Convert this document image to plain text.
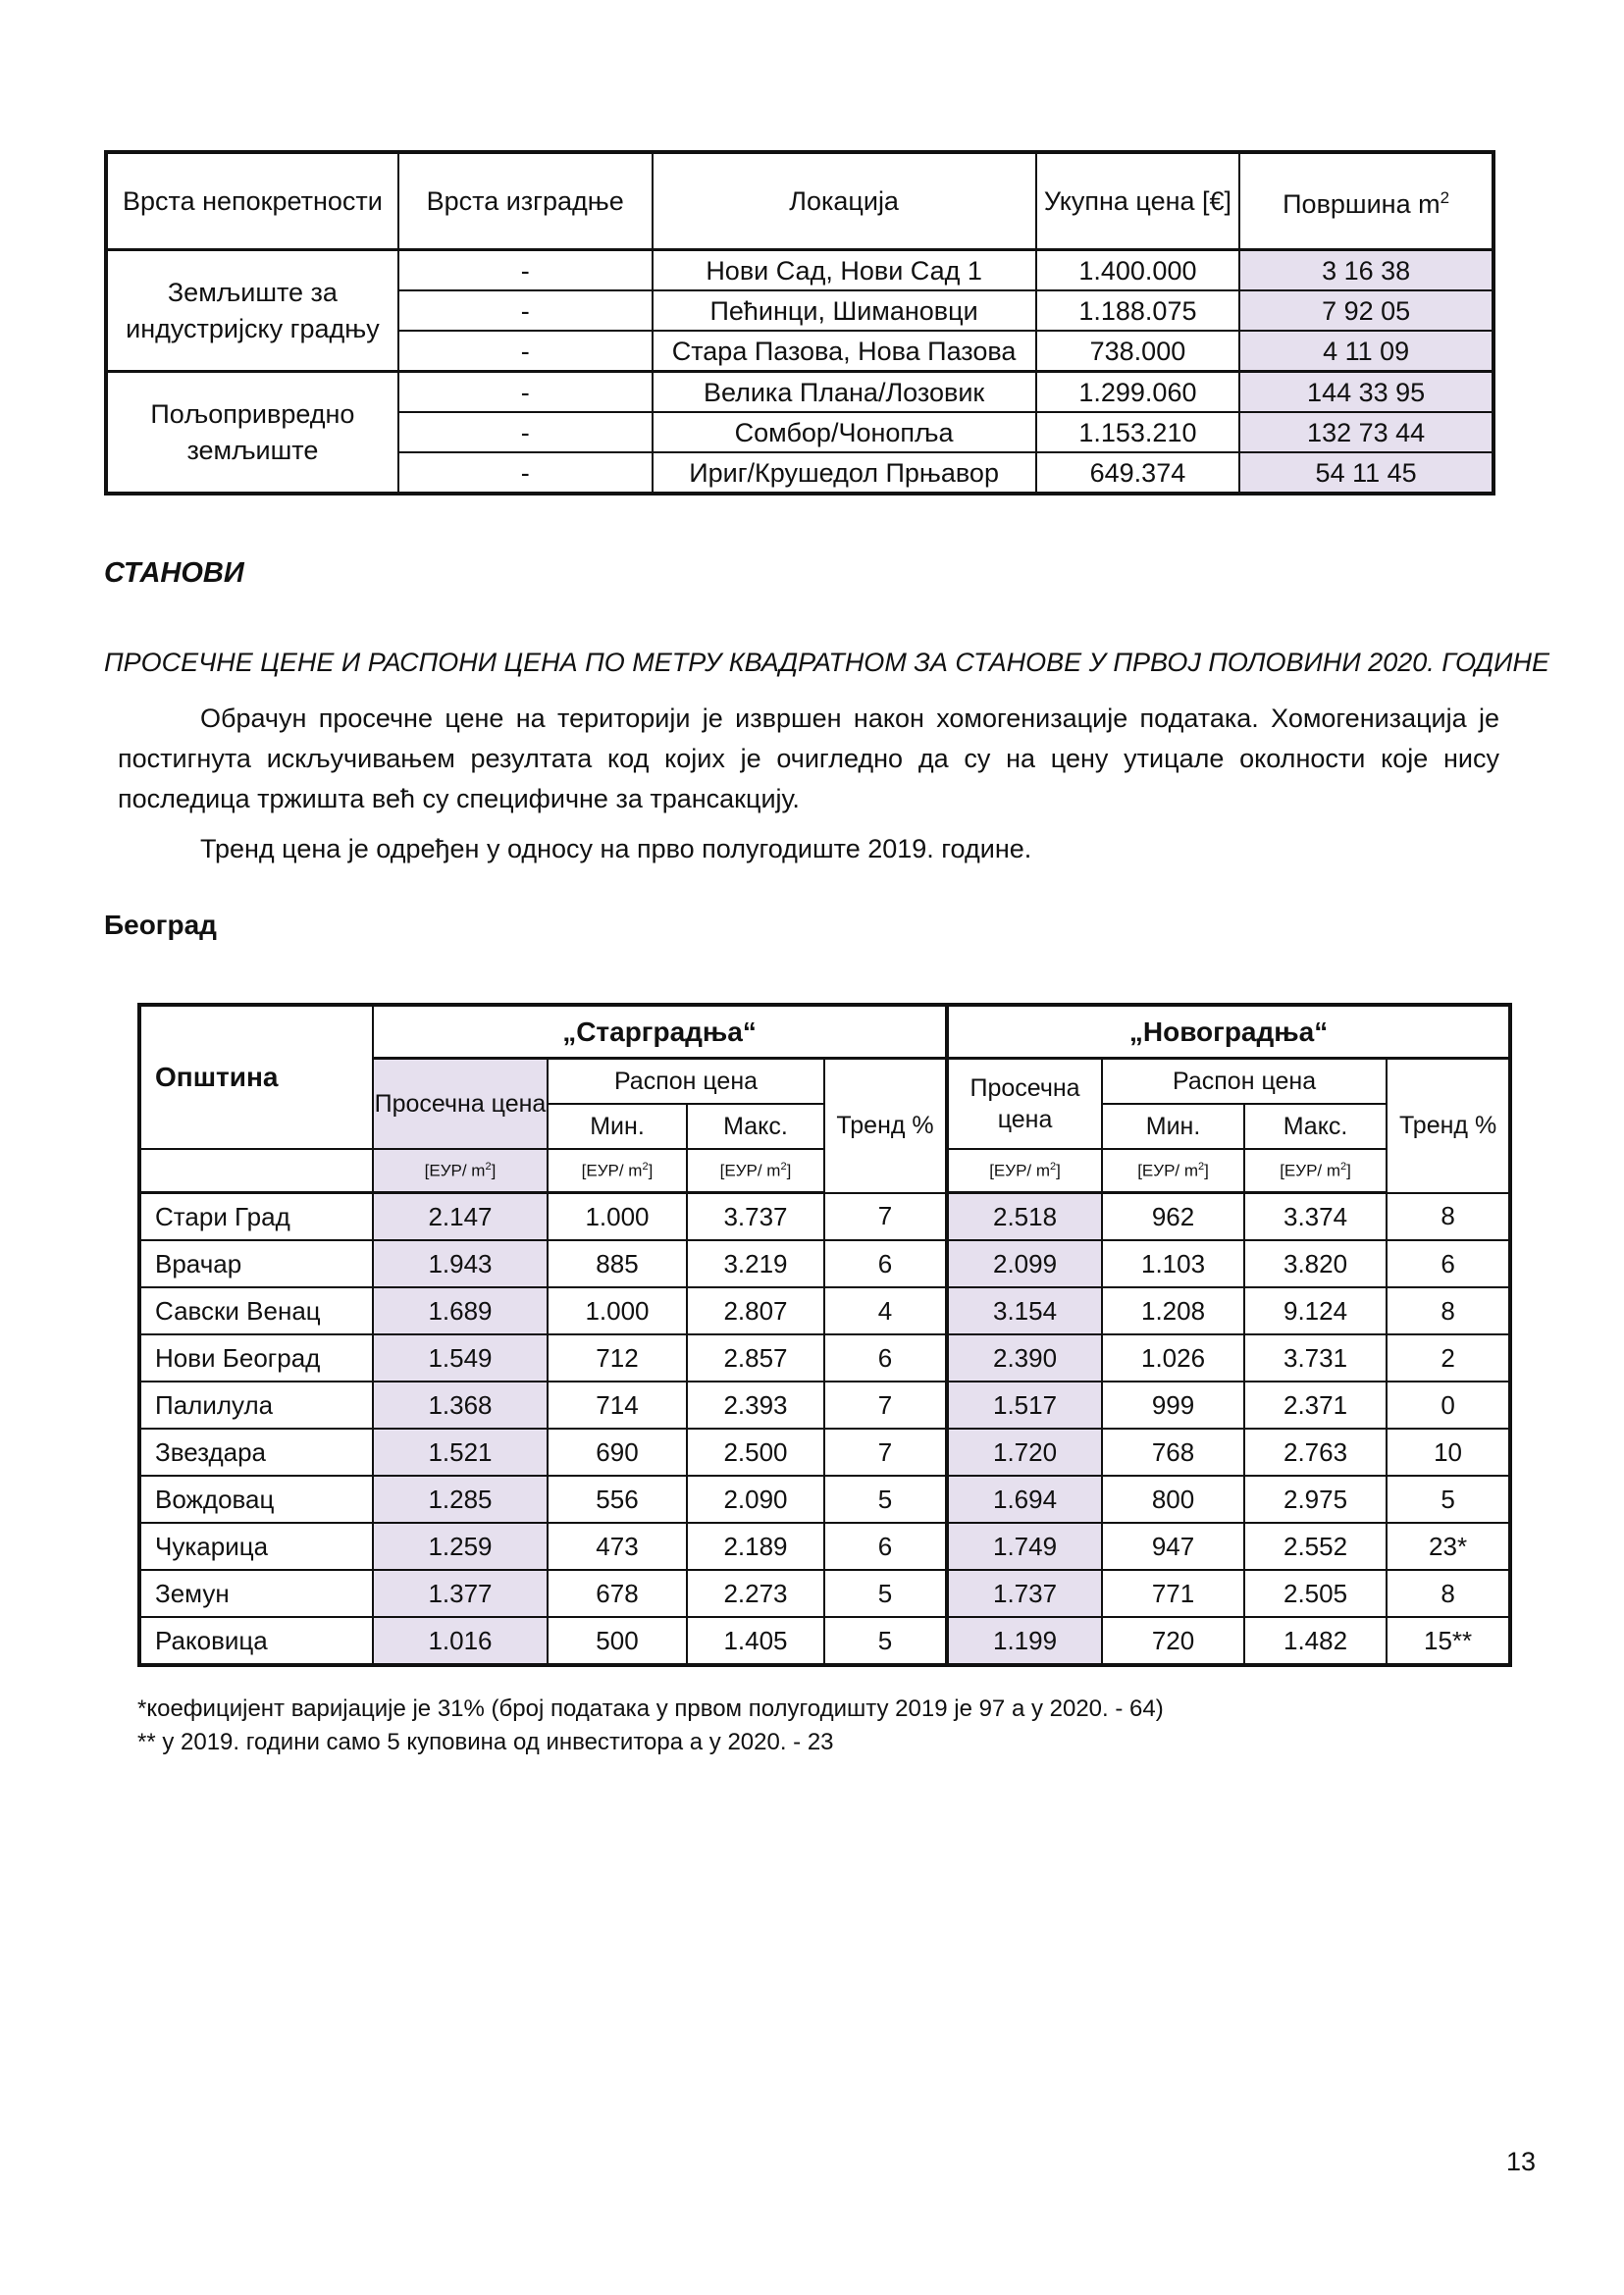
Врста непокретности	Врста изградње	Локација	Укупна цена [€]	Површина $m^2$
Земљиште за индустријску градњу	-	Нови Сад, Нови Сад 1	1.400.000	3 16 38
	-	Пећинци, Шимановци	1.188.075	7 92 05
	-	Стара Пазова, Нова Пазова	738.000	4 11 09
Пољопривредно земљиште	-	Велика Плана/Лозовик	1.299.060	144 33 95
	-	Сомбор/Чонопља	1.153.210	132 73 44
	-	Ириг/Крушедол Прњавор	649.374	54 11 45
СТАНОВИ
ПРОСЕЧНЕ ЦЕНЕ И РАСПОНИ ЦЕНА ПО МЕТРУ КВАДРАТНОМ ЗА СТАНОВЕ У ПРВОЈ ПОЛОВИНИ 2020. ГОДИНЕ
Обрачун просечне цене на територији је извршен након хомогенизације података. Хомогенизација је постигнута искључивањем резултата код којих је очигледно да су на цену утицале околности које нису последица тржишта већ су специфичне за трансакцију.
Тренд цена је одређен у односу на прво полугодиште 2019. године.
Београд
Општина	„Старградња“				„Новоградња“			
	Просечна цена	Распон цена		Тренд %	Просечна цена	Распон цена		Тренд %
		Мин.	Макс.			Мин.	Макс.	
	[ЕУР/ $m^2$]	[ЕУР/ $m^2$]	[ЕУР/ $m^2$]		[ЕУР/ $m^2$]	[ЕУР/ $m^2$]	[ЕУР/ $m^2$]	
Стари Град	2.147	1.000	3.737	7	2.518	962	3.374	8
Врачар	1.943	885	3.219	6	2.099	1.103	3.820	6
Савски Венац	1.689	1.000	2.807	4	3.154	1.208	9.124	8
Нови Београд	1.549	712	2.857	6	2.390	1.026	3.731	2
Палилула	1.368	714	2.393	7	1.517	999	2.371	0
Звездара	1.521	690	2.500	7	1.720	768	2.763	10
Вождовац	1.285	556	2.090	5	1.694	800	2.975	5
Чукарица	1.259	473	2.189	6	1.749	947	2.552	23*
Земун	1.377	678	2.273	5	1.737	771	2.505	8
Раковица	1.016	500	1.405	5	1.199	720	1.482	15**
*коефицијент варијације је 31% (број података у првом полугодишту 2019 је 97 а у 2020. - 64)
** у 2019. години само 5 куповина од инвеститора а у 2020. - 23
13
